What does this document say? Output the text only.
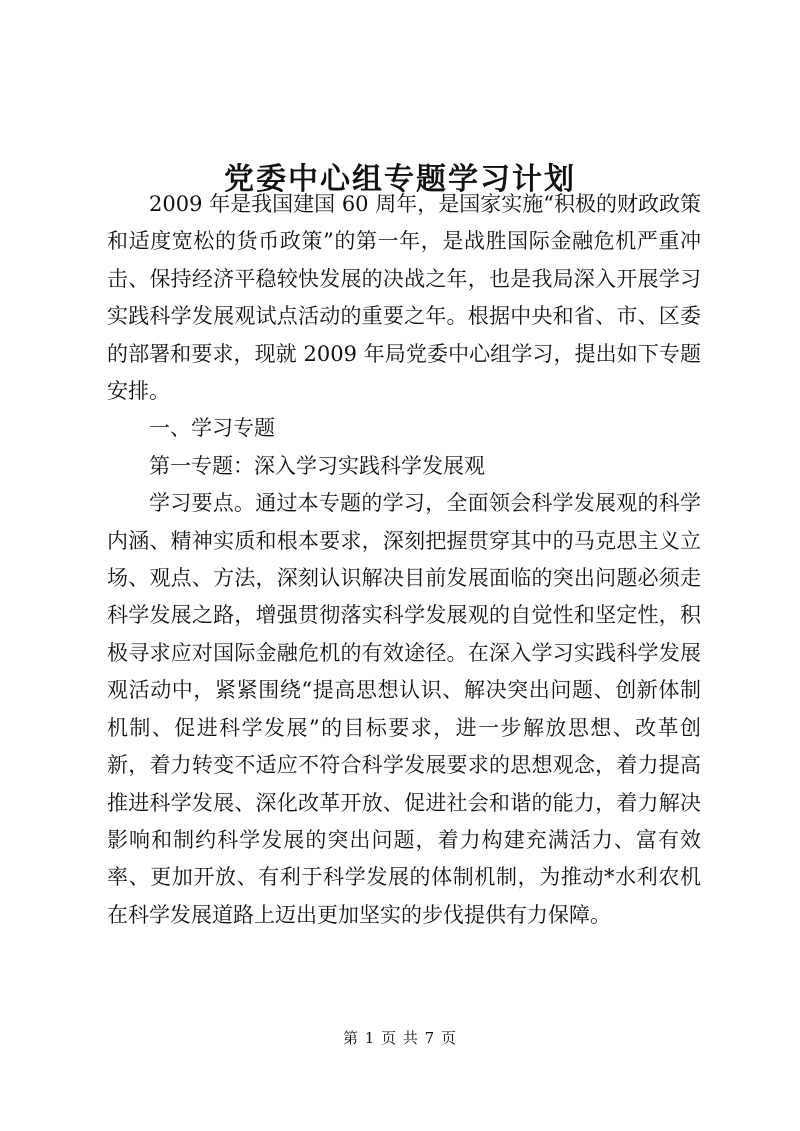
党委中心组专题学习计划

2009 年是我国建国 60 周年，是国家实施“积极的财政政策和适度宽松的货币政策”的第一年，是战胜国际金融危机严重冲击、保持经济平稳较快发展的决战之年，也是我局深入开展学习实践科学发展观试点活动的重要之年。根据中央和省、市、区委的部署和要求，现就 2009 年局党委中心组学习，提出如下专题安排。

一、学习专题

第一专题：深入学习实践科学发展观

学习要点。通过本专题的学习，全面领会科学发展观的科学内涵、精神实质和根本要求，深刻把握贯穿其中的马克思主义立场、观点、方法，深刻认识解决目前发展面临的突出问题必须走科学发展之路，增强贯彻落实科学发展观的自觉性和坚定性，积极寻求应对国际金融危机的有效途径。在深入学习实践科学发展观活动中，紧紧围绕“提高思想认识、解决突出问题、创新体制机制、促进科学发展”的目标要求，进一步解放思想、改革创新，着力转变不适应不符合科学发展要求的思想观念，着力提高推进科学发展、深化改革开放、促进社会和谐的能力，着力解决影响和制约科学发展的突出问题，着力构建充满活力、富有效率、更加开放、有利于科学发展的体制机制，为推动*水利农机在科学发展道路上迈出更加坚实的步伐提供有力保障。

第 1 页 共 7 页
